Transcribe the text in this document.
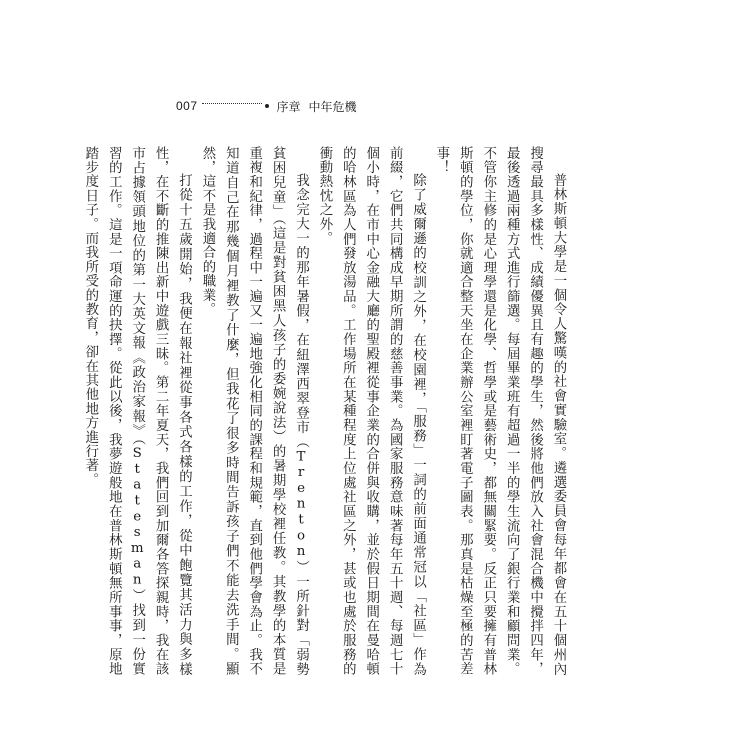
007	序章 中年危機

普林斯頓大學是一個令人驚嘆的社會實驗室。遴選委員會每年都會在五十個州內搜尋最具多樣性、成績優異且有趣的學生，然後將他們放入社會混合機中攪拌四年，最後透過兩種方式進行篩選。每屆畢業班有超過一半的學生流向了銀行業和顧問業。不管你主修的是心理學還是化學、哲學或是藝術史，都無關緊要。反正只要擁有普林斯頓的學位，你就適合整天坐在企業辦公室裡盯著電子圖表。那真是枯燥至極的苦差事！

除了威爾遜的校訓之外，在校園裡，「服務」一詞的前面通常冠以「社區」作為前綴，它們共同構成早期所謂的慈善事業。為國家服務意味著每年五十週、每週七十個小時，在市中心金融大廳的聖殿裡從事企業的合併與收購，並於假日期間在曼哈頓的哈林區為人們發放湯品。工作場所在某種程度上位處社區之外，甚或也處於服務的衝動熱忱之外。

我念完大一的那年暑假，在紐澤西翠登市（Trenton）一所針對「弱勢貧困兒童」（這是對貧困黑人孩子的委婉說法）的暑期學校裡任教。其教學的本質是重複和紀律，過程中一遍又一遍地強化相同的課程和規範，直到他們學會為止。我不知道自己在那幾個月裡教了什麼，但我花了很多時間告訴孩子們不能去洗手間。顯然，這不是我適合的職業。

打從十五歲開始，我便在報社裡從事各式各樣的工作，從中飽覽其活力與多樣性，在不斷的推陳出新中遊戲三昧。第二年夏天，我們回到加爾各答探親時，我在該市占據領頭地位的第一大英文報《政治家報》（Statesman）找到一份實習的工作。這是一項命運的抉擇。從此以後，我夢遊般地在普林斯頓無所事事，原地踏步度日子。而我所受的教育，卻在其他地方進行著。
